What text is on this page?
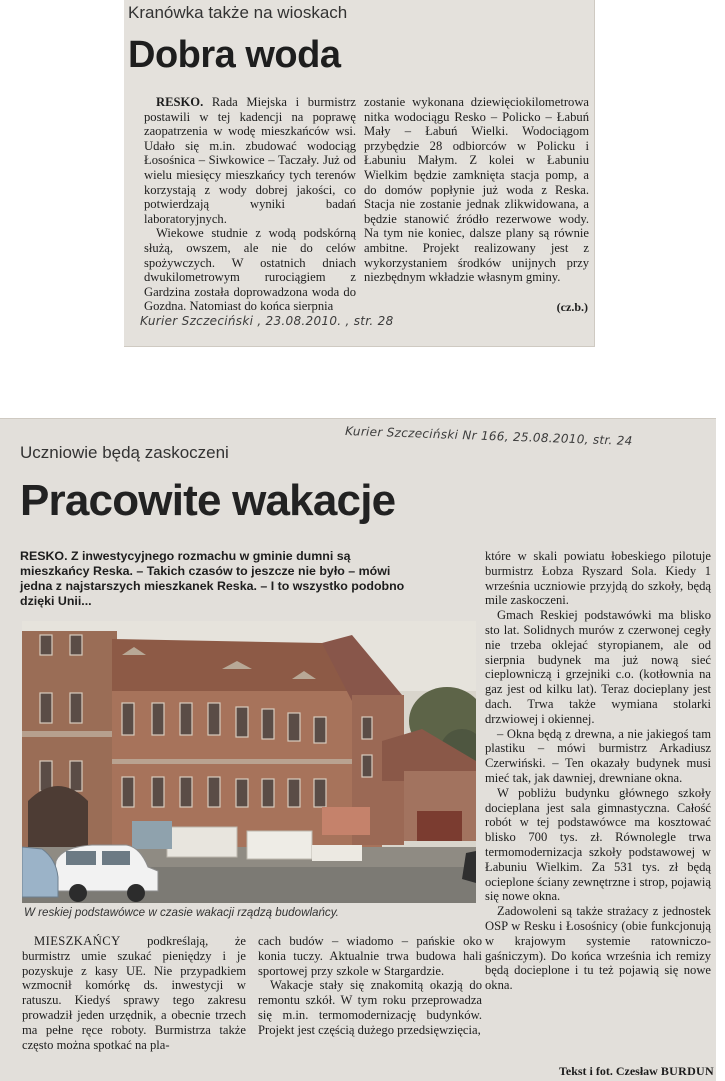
Kranówka także na wioskach
Dobra woda

RESKO. Rada Miejska i burmistrz postawili w tej kadencji na poprawę zaopatrzenia w wodę mieszkańców wsi. Udało się m.in. zbudować wodociąg Łosośnica – Siwkowice – Taczały. Już od wielu miesięcy mieszkańcy tych terenów korzystają z wody dobrej jakości, co potwierdzają wyniki badań laboratoryjnych.

Wiekowe studnie z wodą podskórną służą, owszem, ale nie do celów spożywczych. W ostatnich dniach dwukilometrowym rurociągiem z Gardzina została doprowadzona woda do Gozdna. Natomiast do końca sierpnia

zostanie wykonana dziewięciokilometrowa nitka wodociągu Resko – Policko – Łabuń Mały – Łabuń Wielki. Wodociągom przybędzie 28 odbiorców w Policku i Łabuniu Małym. Z kolei w Łabuniu Wielkim będzie zamknięta stacja pomp, a do domów popłynie już woda z Reska. Stacja nie zostanie jednak zlikwidowana, a będzie stanowić źródło rezerwowe wody. Na tym nie koniec, dalsze plany są równie ambitne. Projekt realizowany jest z wykorzystaniem środków unijnych przy niezbędnym wkładzie własnym gminy.

(cz.b.)
Kurier Szczeciński , 23.08.2010. , str. 28
Kurier Szczeciński Nr 166, 25.08.2010, str. 24
Uczniowie będą zaskoczeni
Pracowite wakacje
RESKO. Z inwestycyjnego rozmachu w gminie dumni są
mieszkańcy Reska. – Takich czasów to jeszcze nie było – mówi
jedna z najstarszych mieszkanek Reska. – I to wszystko podobno
dzięki Unii...
W reskiej podstawówce w czasie wakacji rządzą budowlańcy.

które w skali powiatu łobeskiego pilotuje burmistrz Łobza Ryszard Sola. Kiedy 1 września uczniowie przyjdą do szkoły, będą mile zaskoczeni.

Gmach Reskiej podstawówki ma blisko sto lat. Solidnych murów z czerwonej cegły nie trzeba oklejać styropianem, ale od sierpnia budynek ma już nową sieć cieplowniczą i grzejniki c.o. (kotłownia na gaz jest od kilku lat). Teraz docieplany jest dach. Trwa także wymiana stolarki drzwiowej i okiennej.

– Okna będą z drewna, a nie jakiegoś tam plastiku – mówi burmistrz Arkadiusz Czerwiński. – Ten okazały budynek musi mieć tak, jak dawniej, drewniane okna.

W pobliżu budynku głównego szkoły docieplana jest sala gimnastyczna. Całość robót w tej podstawówce ma kosztować blisko 700 tys. zł. Równolegle trwa termomodernizacja szkoły podstawowej w Łabuniu Wielkim. Za 531 tys. zł będą ocieplone ściany zewnętrzne i strop, pojawią się nowe okna.

Zadowoleni są także strażacy z jednostek OSP w Resku i Łosośnicy (obie funkcjonują w krajowym systemie ratowniczo-gaśniczym). Do końca września ich remizy będą docieplone i tu też pojawią się nowe okna.

MIESZKAŃCY podkreślają, że burmistrz umie szukać pieniędzy i je pozyskuje z kasy UE. Nie przypadkiem wzmocnił komórkę ds. inwestycji w ratuszu. Kiedyś sprawy tego zakresu prowadził jeden urzędnik, a obecnie trzech ma pełne ręce roboty. Burmistrza także często można spotkać na pla-

cach budów – wiadomo – pańskie oko konia tuczy. Aktualnie trwa budowa hali sportowej przy szkole w Stargardzie.

Wakacje stały się znakomitą okazją do remontu szkół. W tym roku przeprowadza się m.in. termomodernizację budynków. Projekt jest częścią dużego przedsięwzięcia,

Tekst i fot. Czesław BURDUN
